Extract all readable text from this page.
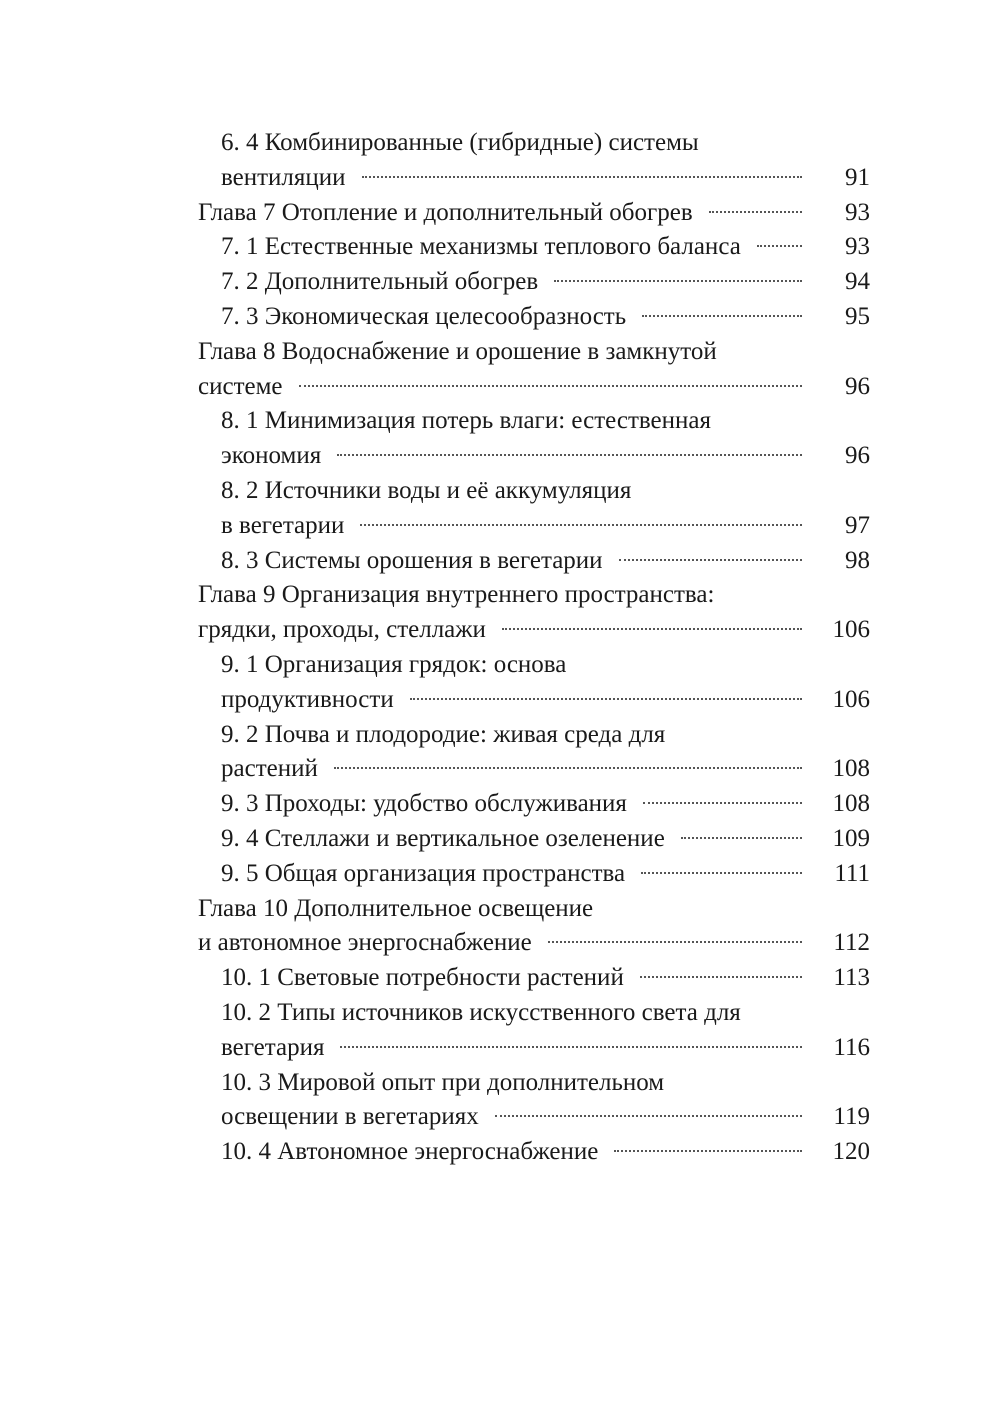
6. 4 Комбинированные (гибридные) системы
вентиляции	91
Глава 7 Отопление и дополнительный обогрев	93
7. 1 Естественные механизмы теплового баланса	93
7. 2 Дополнительный обогрев	94
7. 3 Экономическая целесообразность	95
Глава 8 Водоснабжение и орошение в замкнутой
системе	96
8. 1 Минимизация потерь влаги: естественная
экономия	96
8. 2 Источники воды и её аккумуляция
в вегетарии	97
8. 3 Системы орошения в вегетарии	98
Глава 9 Организация внутреннего пространства:
грядки, проходы, стеллажи	106
9. 1 Организация грядок: основа
продуктивности	106
9. 2 Почва и плодородие: живая среда для
растений	108
9. 3 Проходы: удобство обслуживания	108
9. 4 Стеллажи и вертикальное озеленение	109
9. 5 Общая организация пространства	111
Глава 10 Дополнительное освещение
и автономное энергоснабжение	112
10. 1 Световые потребности растений	113
10. 2 Типы источников искусственного света для
вегетария	116
10. 3 Мировой опыт при дополнительном
освещении в вегетариях	119
10. 4 Автономное энергоснабжение	120
